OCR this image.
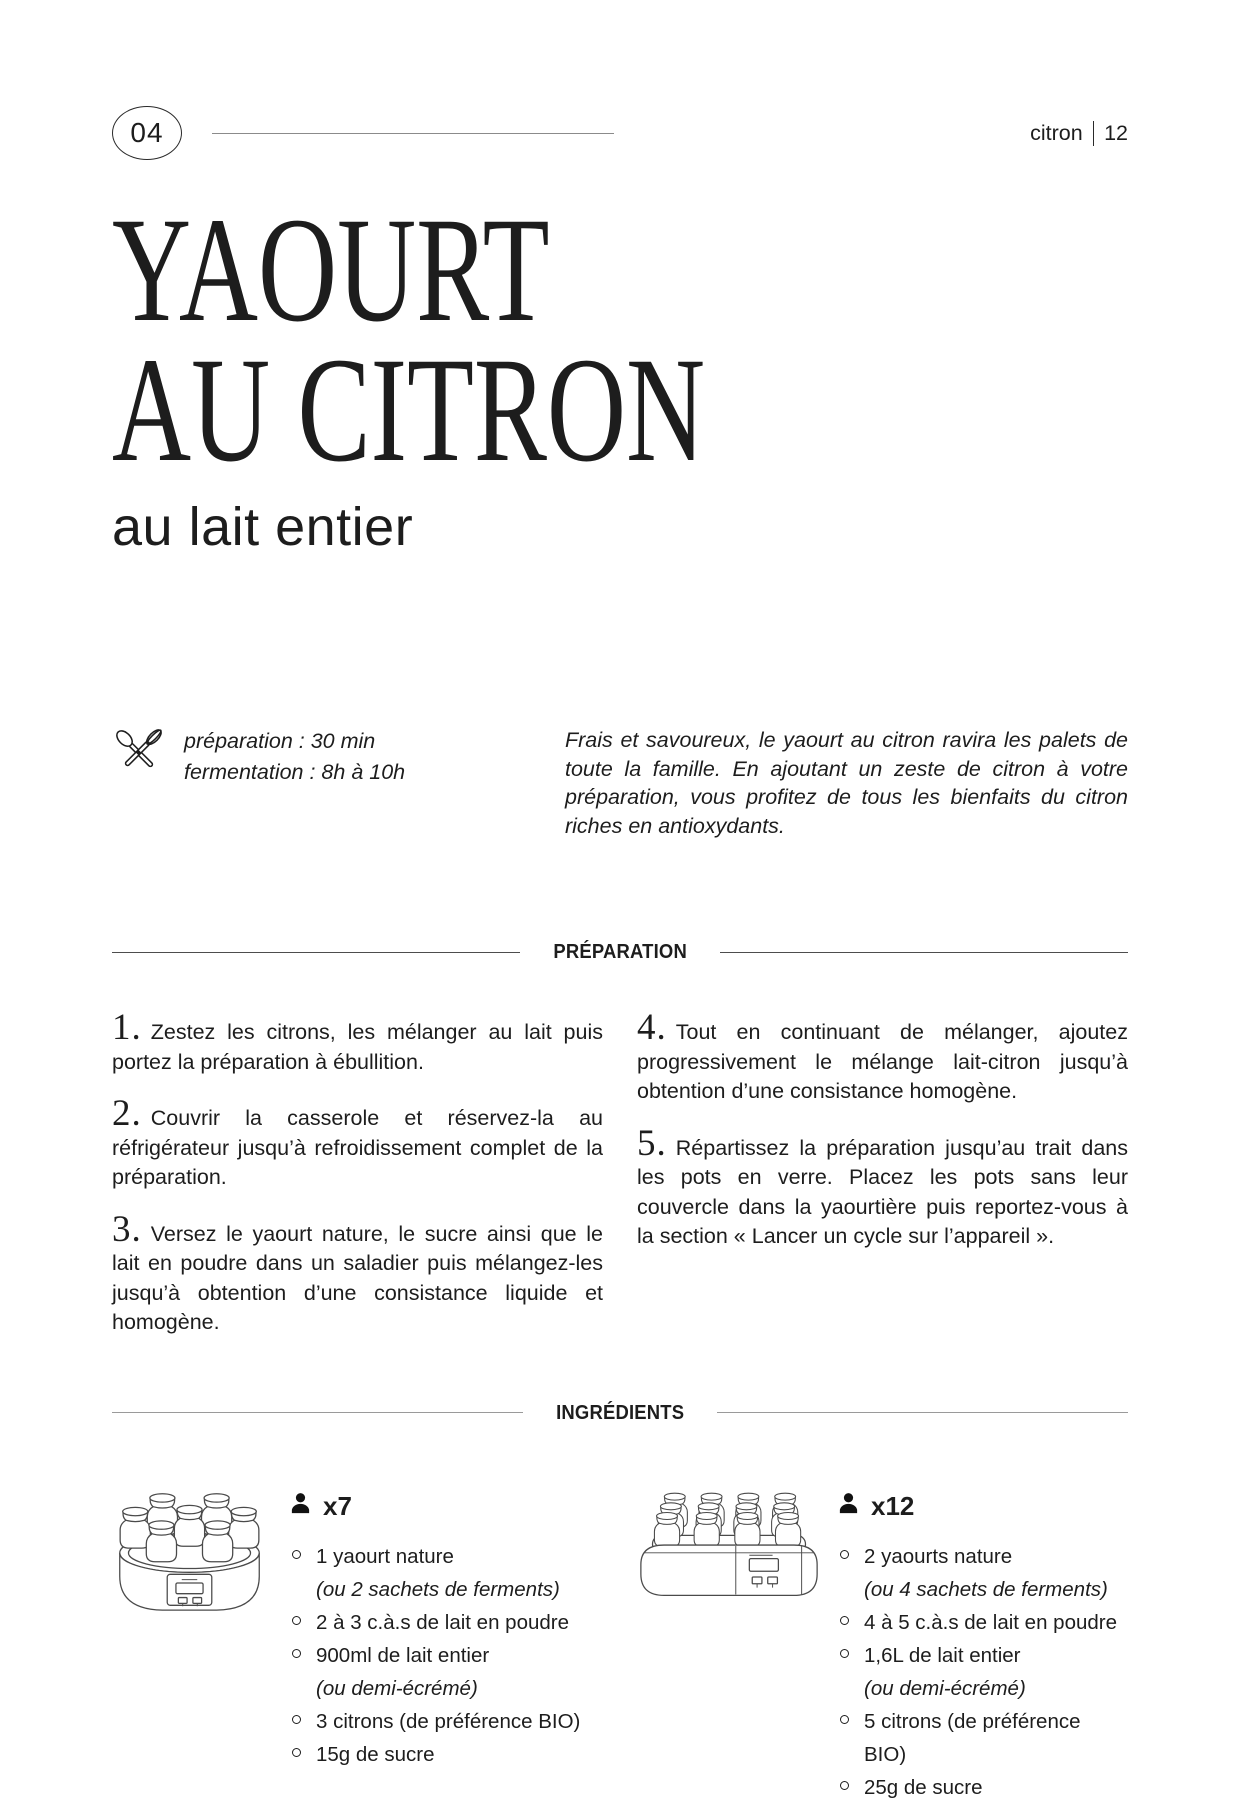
04	citron 12
YAOURT
AU CITRON
au lait entier
préparation : 30 min
fermentation : 8h à 10h
Frais et savoureux, le yaourt au citron ravira les palets de toute la famille. En ajoutant un zeste de citron à votre préparation, vous profitez de tous les bienfaits du citron riches en antioxydants.
PRÉPARATION

1. Zestez les citrons, les mélanger au lait puis portez la préparation à ébullition.

2. Couvrir la casserole et réservez-la au réfrigérateur jusqu’à refroidissement complet de la préparation.

3. Versez le yaourt nature, le sucre ainsi que le lait en poudre dans un saladier puis mélangez-les jusqu’à obtention d’une consistance liquide et homogène.

4. Tout en continuant de mélanger, ajoutez progressivement le mélange lait-citron jusqu’à obtention d’une consistance homogène.

5. Répartissez la préparation jusqu’au trait dans les pots en verre. Placez les pots sans leur couvercle dans la yaourtière puis reportez-vous à la section « Lancer un cycle sur l’appareil ».

INGRÉDIENTS
x7
1 yaourt nature
(ou 2 sachets de ferments)
2 à 3 c.à.s de lait en poudre
900ml de lait entier
(ou demi-écrémé)
3 citrons (de préférence BIO)
15g de sucre
x12
2 yaourts nature
(ou 4 sachets de ferments)
4 à 5 c.à.s de lait en poudre
1,6L de lait entier
(ou demi-écrémé)
5 citrons (de préférence BIO)
25g de sucre
